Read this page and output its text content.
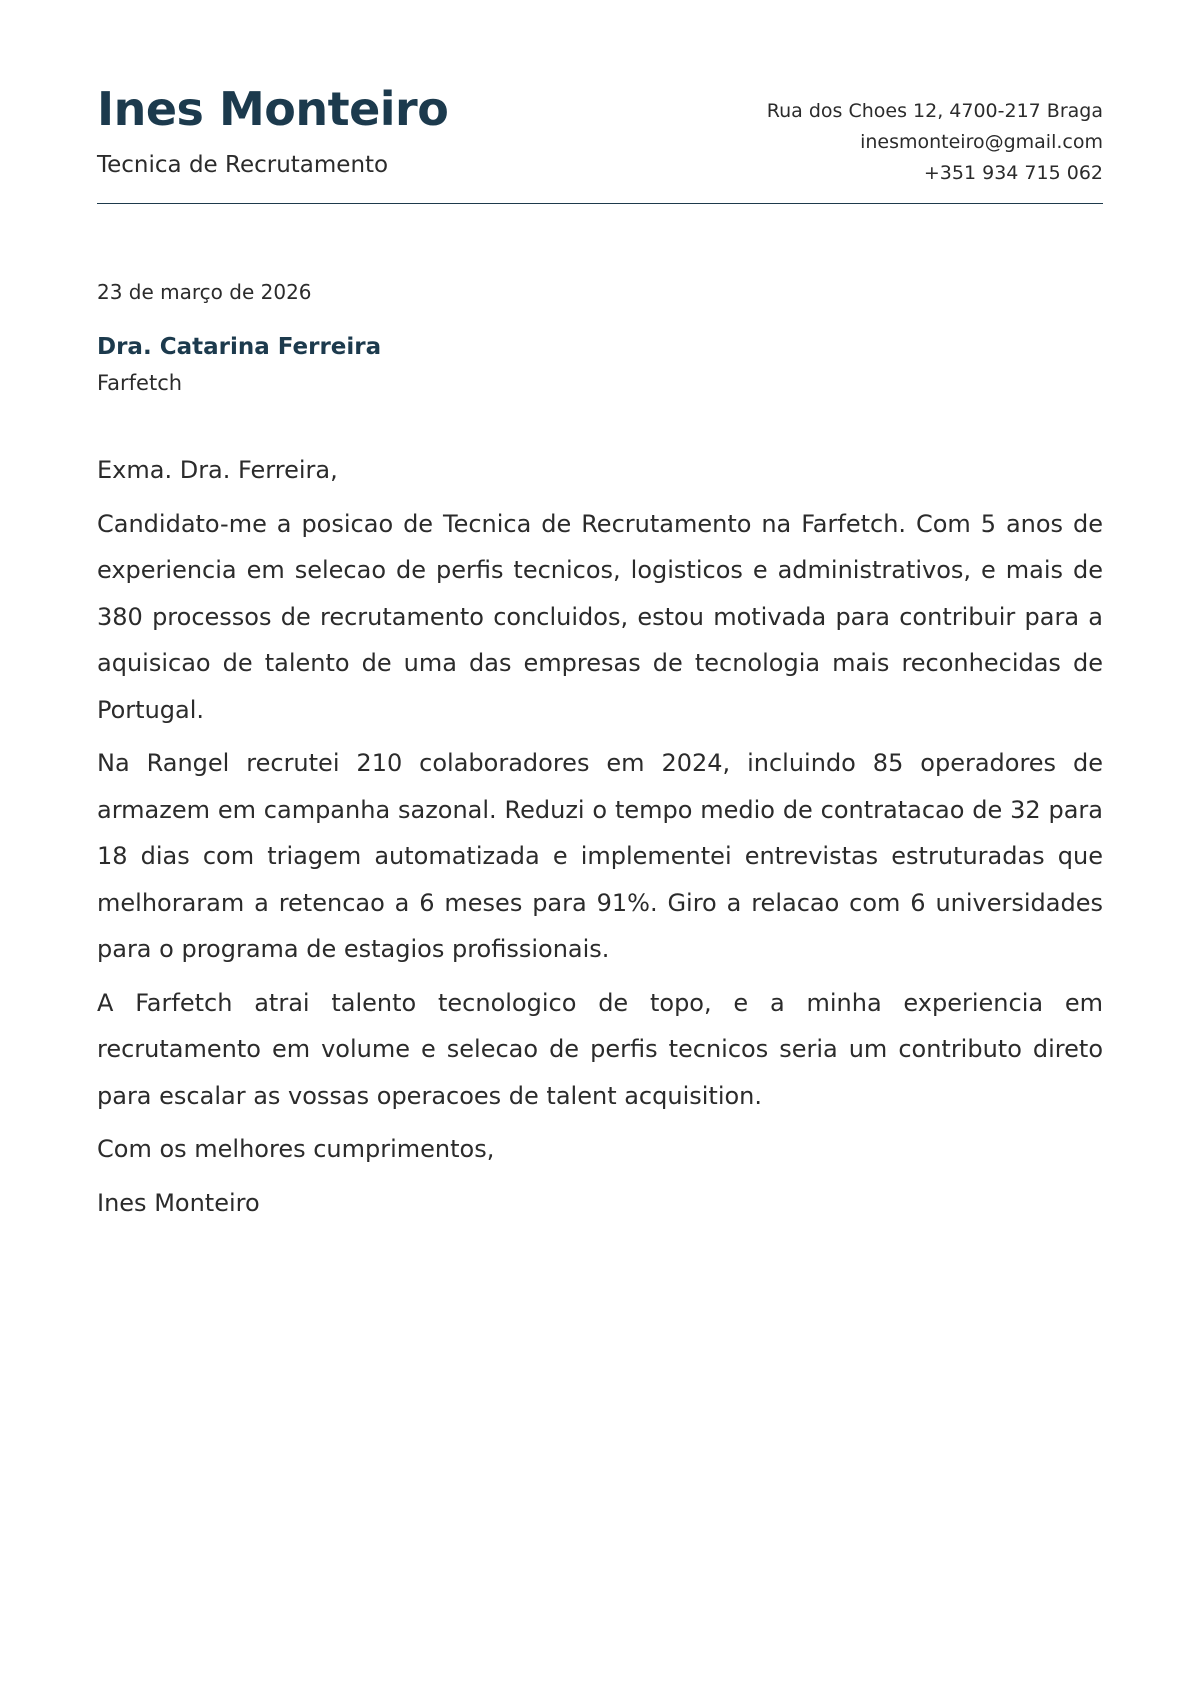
Ines Monteiro
Tecnica de Recrutamento
Rua dos Choes 12, 4700-217 Braga
inesmonteiro@gmail.com
+351 934 715 062
23 de março de 2026
Dra. Catarina Ferreira
Farfetch

Exma. Dra. Ferreira,

Candidato-me a posicao de Tecnica de Recrutamento na Farfetch. Com 5 anos de experiencia em selecao de perfis tecnicos, logisticos e administrativos, e mais de 380 processos de recrutamento concluidos, estou motivada para contribuir para a aquisicao de talento de uma das empresas de tecnologia mais reconhecidas de Portugal.

Na Rangel recrutei 210 colaboradores em 2024, incluindo 85 operadores de armazem em campanha sazonal. Reduzi o tempo medio de contratacao de 32 para 18 dias com triagem automatizada e implementei entrevistas estruturadas que melhoraram a retencao a 6 meses para 91%. Giro a relacao com 6 universidades para o programa de estagios profissionais.

A Farfetch atrai talento tecnologico de topo, e a minha experiencia em recrutamento em volume e selecao de perfis tecnicos seria um contributo direto para escalar as vossas operacoes de talent acquisition.

Com os melhores cumprimentos,

Ines Monteiro
